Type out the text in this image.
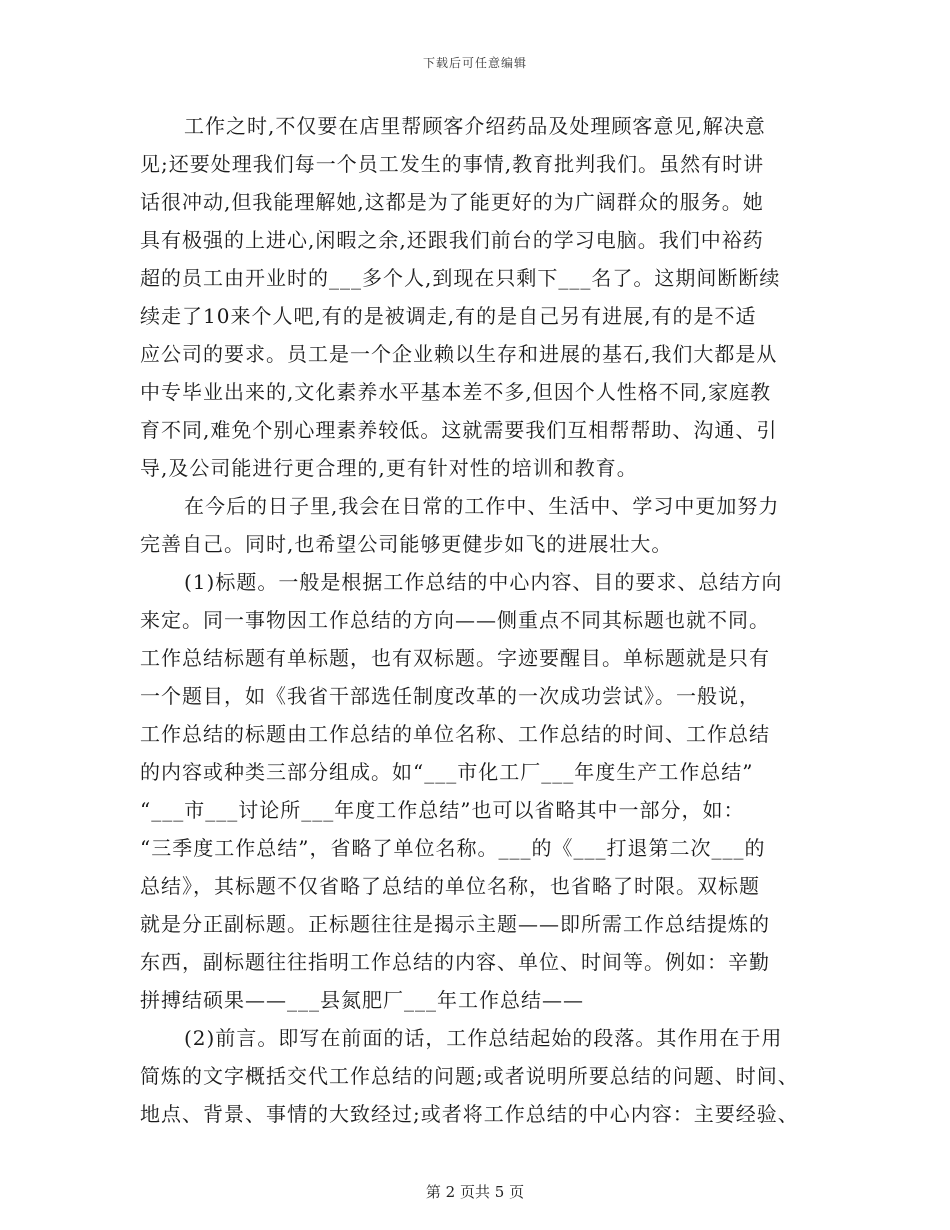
下载后可任意编辑
工作之时,不仅要在店里帮顾客介绍药品及处理顾客意见,解决意
见;还要处理我们每一个员工发生的事情,教育批判我们。虽然有时讲
话很冲动,但我能理解她,这都是为了能更好的为广阔群众的服务。她
具有极强的上进心,闲暇之余,还跟我们前台的学习电脑。我们中裕药
超的员工由开业时的___多个人,到现在只剩下___名了。这期间断断续
续走了10来个人吧,有的是被调走,有的是自己另有进展,有的是不适
应公司的要求。员工是一个企业赖以生存和进展的基石,我们大都是从
中专毕业出来的,文化素养水平基本差不多,但因个人性格不同,家庭教
育不同,难免个别心理素养较低。这就需要我们互相帮帮助、沟通、引
导,及公司能进行更合理的,更有针对性的培训和教育。
在今后的日子里,我会在日常的工作中、生活中、学习中更加努力
完善自己。同时,也希望公司能够更健步如飞的进展壮大。
(1)标题。一般是根据工作总结的中心内容、目的要求、总结方向
来定。同一事物因工作总结的方向——侧重点不同其标题也就不同。
工作总结标题有单标题，也有双标题。字迹要醒目。单标题就是只有
一个题目，如《我省干部选任制度改革的一次成功尝试》。一般说，
工作总结的标题由工作总结的单位名称、工作总结的时间、工作总结
的内容或种类三部分组成。如“___市化工厂___年度生产工作总结”
“___市___讨论所___年度工作总结”也可以省略其中一部分，如：
“三季度工作总结”，省略了单位名称。___的《___打退第二次___的
总结》，其标题不仅省略了总结的单位名称，也省略了时限。双标题
就是分正副标题。正标题往往是揭示主题——即所需工作总结提炼的
东西，副标题往往指明工作总结的内容、单位、时间等。例如：辛勤
拼搏结硕果——___县氮肥厂___年工作总结——
(2)前言。即写在前面的话，工作总结起始的段落。其作用在于用
简炼的文字概括交代工作总结的问题;或者说明所要总结的问题、时间、
地点、背景、事情的大致经过;或者将工作总结的中心内容：主要经验、
第 2 页共 5 页
